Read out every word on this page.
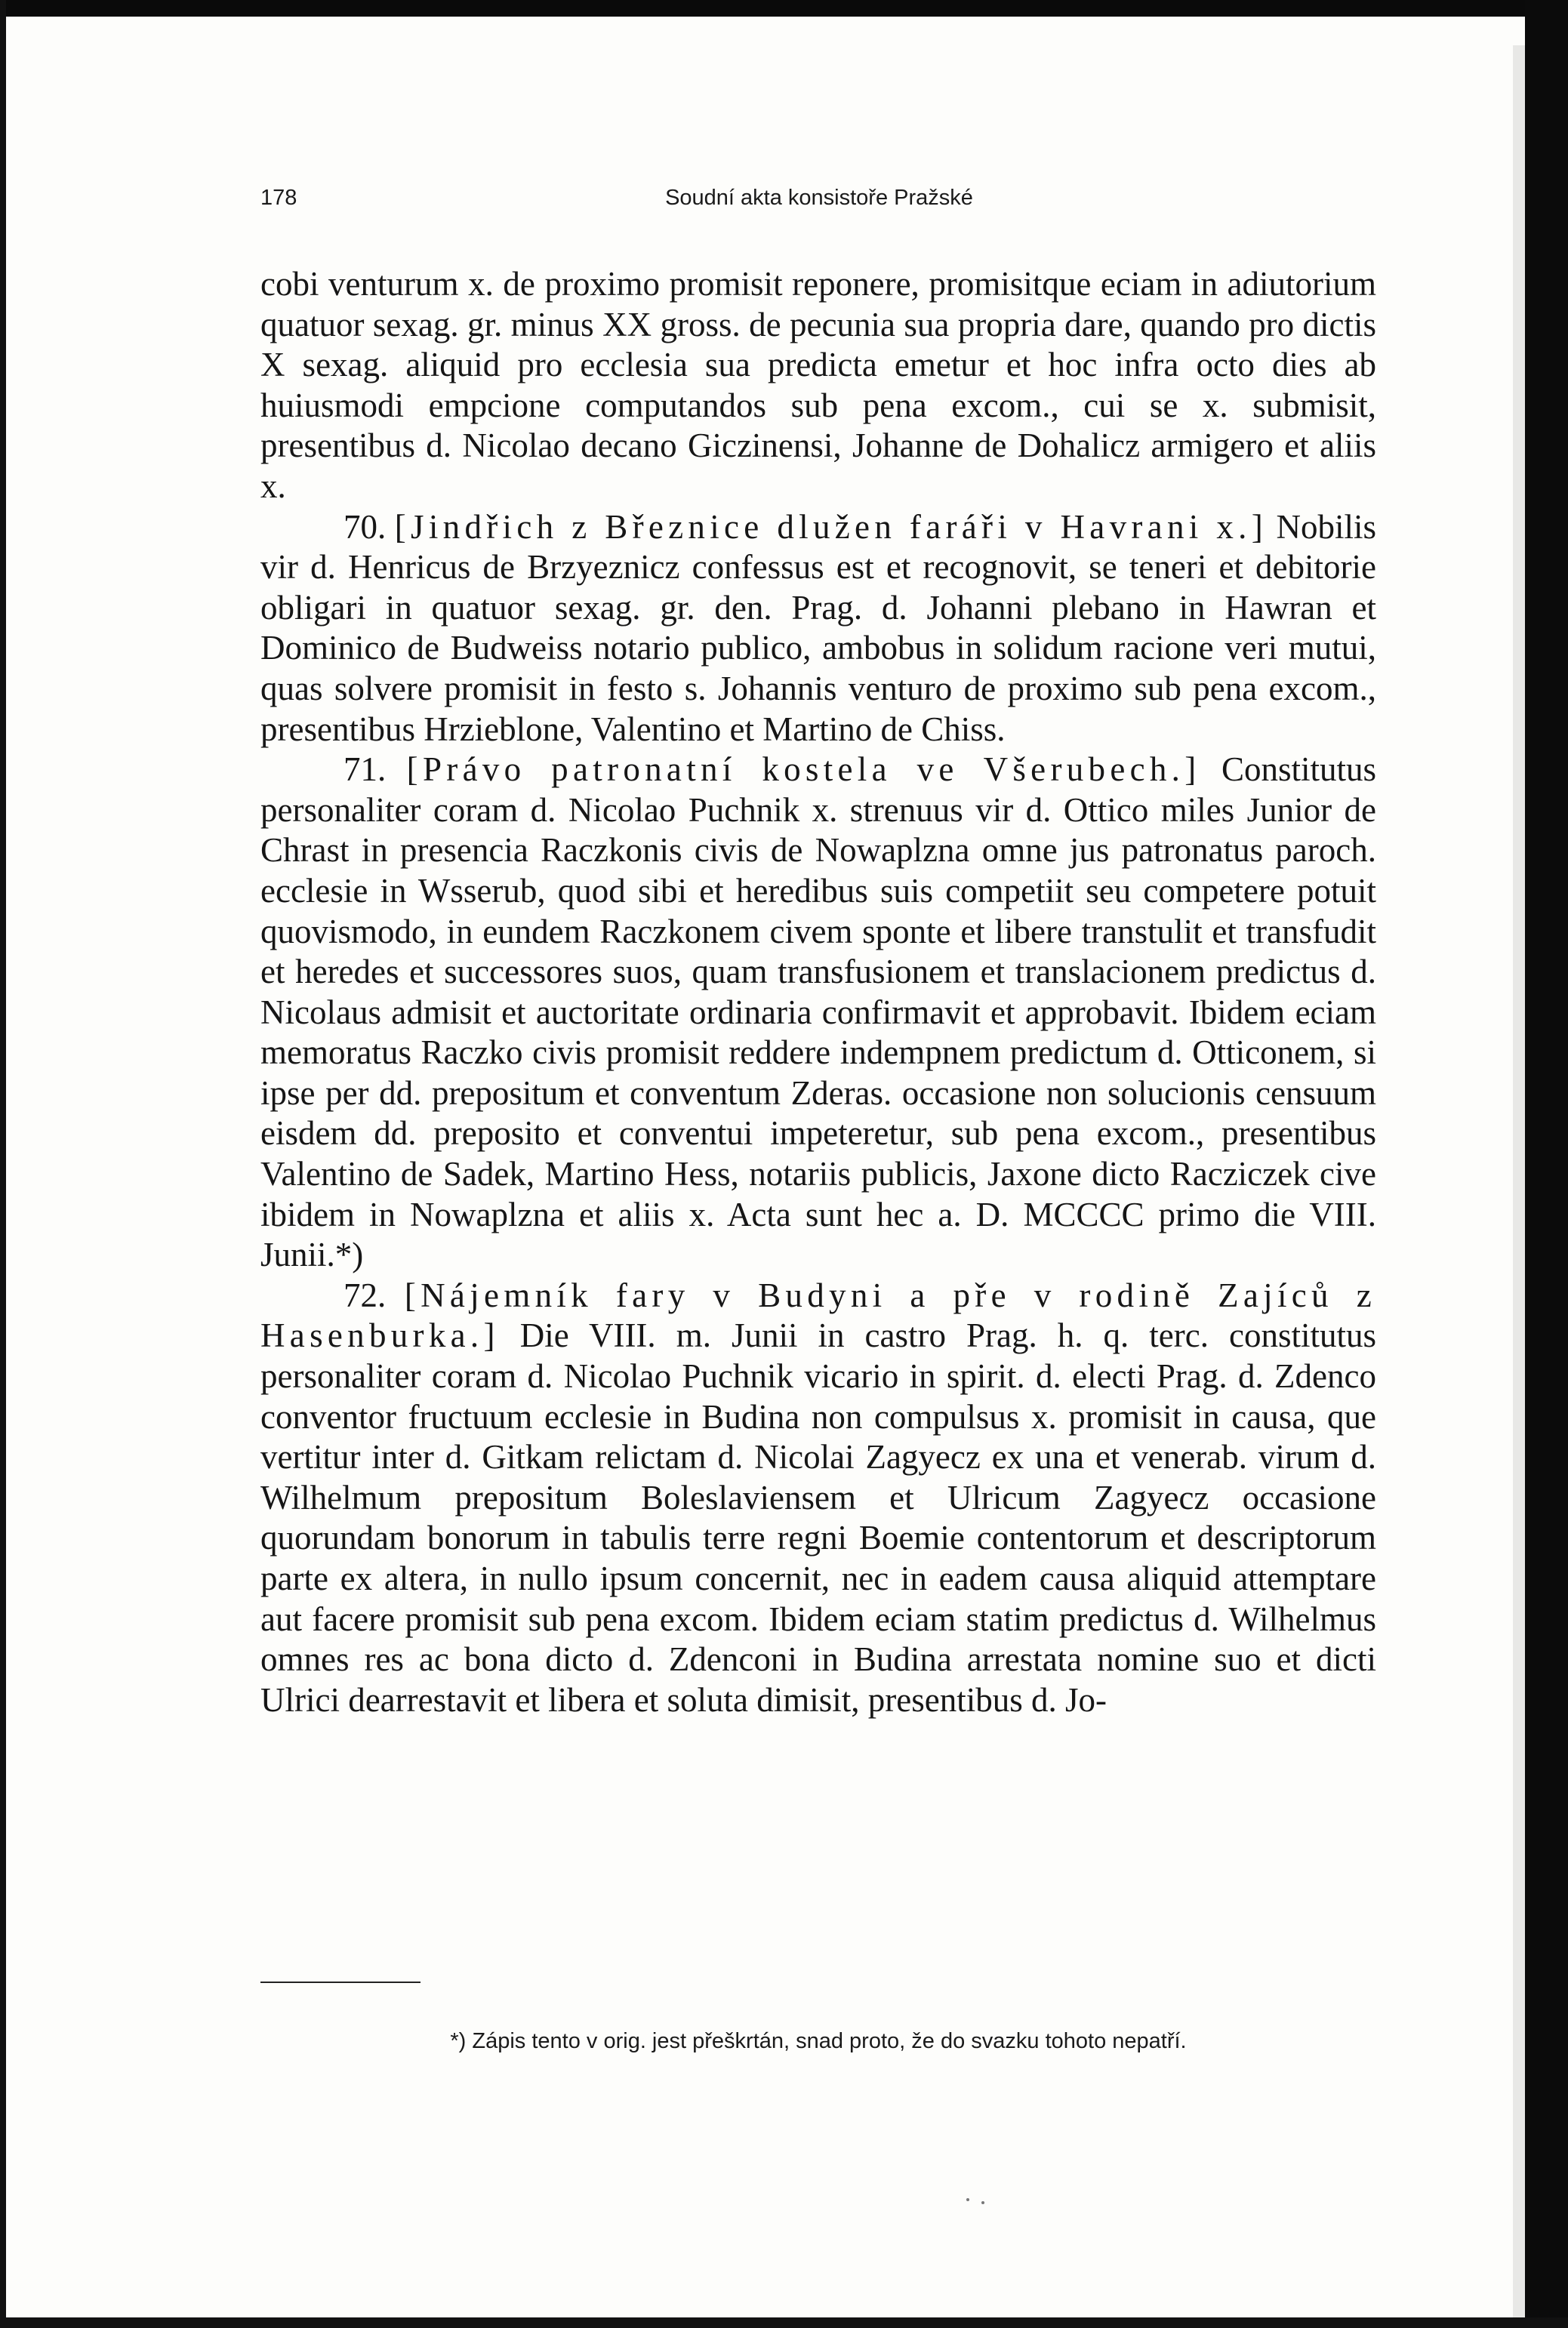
178	Soudní akta konsistoře Pražské

cobi venturum x. de proximo promisit reponere, promisitque eciam in adiutorium quatuor sexag. gr. minus XX gross. de pecunia sua propria dare, quando pro dictis X sexag. aliquid pro ecclesia sua predicta emetur et hoc infra octo dies ab huiusmodi empcione computandos sub pena excom., cui se x. submisit, presentibus d. Nicolao decano Giczinensi, Johanne de Dohalicz armigero et aliis x.

70. [Jindřich z Březnice dlužen faráři v Havrani x.] Nobilis vir d. Henricus de Brzyeznicz confessus est et recognovit, se teneri et debitorie obligari in quatuor sexag. gr. den. Prag. d. Johanni plebano in Hawran et Dominico de Budweiss notario publico, ambobus in solidum racione veri mutui, quas solvere promisit in festo s. Johannis venturo de proximo sub pena excom., presentibus Hrzieblone, Valentino et Martino de Chiss.

71. [Právo patronatní kostela ve Všerubech.] Constitutus personaliter coram d. Nicolao Puchnik x. strenuus vir d. Ottico miles Junior de Chrast in presencia Raczkonis civis de Nowaplzna omne jus patronatus paroch. ecclesie in Wsserub, quod sibi et heredibus suis competiit seu competere potuit quovismodo, in eundem Raczkonem civem sponte et libere transtulit et transfudit et heredes et successores suos, quam transfusionem et translacionem predictus d. Nicolaus admisit et auctoritate ordinaria confirmavit et approbavit. Ibidem eciam memoratus Raczko civis promisit reddere indempnem predictum d. Otticonem, si ipse per dd. prepositum et conventum Zderas. occasione non solucionis censuum eisdem dd. preposito et conventui impeteretur, sub pena excom., presentibus Valentino de Sadek, Martino Hess, notariis publicis, Jaxone dicto Racziczek cive ibidem in Nowaplzna et aliis x. Acta sunt hec a. D. MCCCC primo die VIII. Junii.*)

72. [Nájemník fary v Budyni a pře v rodině Zajíců z Hasenburka.] Die VIII. m. Junii in castro Prag. h. q. terc. constitutus personaliter coram d. Nicolao Puchnik vicario in spirit. d. electi Prag. d. Zdenco conventor fructuum ecclesie in Budina non compulsus x. promisit in causa, que vertitur inter d. Gitkam relictam d. Nicolai Zagyecz ex una et venerab. virum d. Wilhelmum prepositum Boleslaviensem et Ulricum Zagyecz occasione quorundam bonorum in tabulis terre regni Boemie contentorum et descriptorum parte ex altera, in nullo ipsum concernit, nec in eadem causa aliquid attemptare aut facere promisit sub pena excom. Ibidem eciam statim predictus d. Wilhelmus omnes res ac bona dicto d. Zdenconi in Budina arrestata nomine suo et dicti Ulrici dearrestavit et libera et soluta dimisit, presentibus d. Jo-

*) Zápis tento v orig. jest přeškrtán, snad proto, že do svazku tohoto nepatří.
